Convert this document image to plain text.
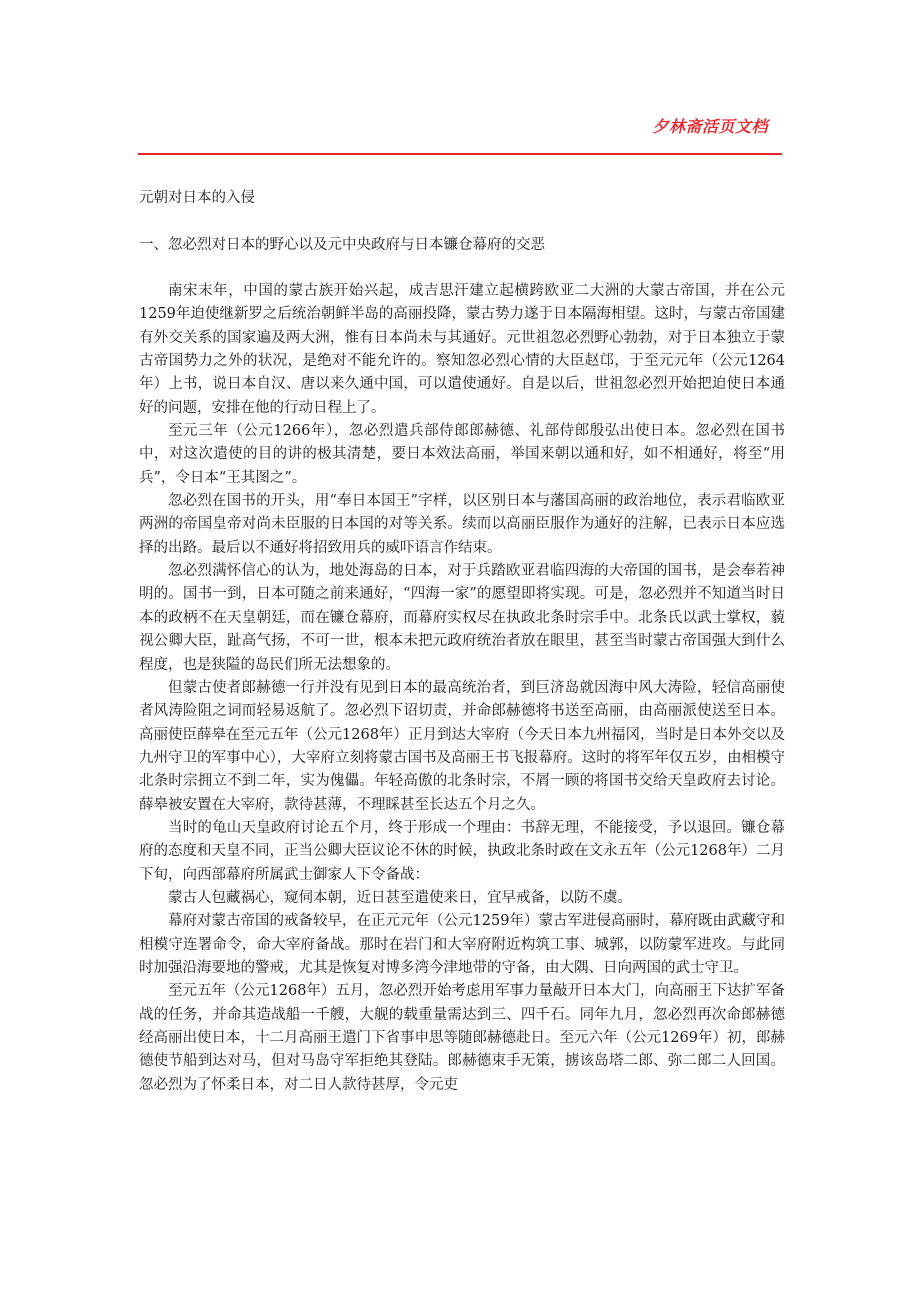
夕林斋活页文档
元朝对日本的入侵
一、忽必烈对日本的野心以及元中央政府与日本镰仓幕府的交恶

南宋末年，中国的蒙古族开始兴起，成吉思汗建立起横跨欧亚二大洲的大蒙古帝国，并在公元1259年迫使继新罗之后统治朝鲜半岛的高丽投降，蒙古势力遂于日本隔海相望。这时，与蒙古帝国建有外交关系的国家遍及两大洲，惟有日本尚未与其通好。元世祖忽必烈野心勃勃，对于日本独立于蒙古帝国势力之外的状况，是绝对不能允许的。察知忽必烈心情的大臣赵邙，于至元元年（公元1264年）上书，说日本自汉、唐以来久通中国，可以遣使通好。自是以后，世祖忽必烈开始把迫使日本通好的问题，安排在他的行动日程上了。

至元三年（公元1266年），忽必烈遣兵部侍郎郎赫德、礼部侍郎殷弘出使日本。忽必烈在国书中，对这次遣使的目的讲的极其清楚，要日本效法高丽，举国来朝以通和好，如不相通好，将至“用兵”，令日本“王其图之”。

忽必烈在国书的开头，用“奉日本国王”字样，以区别日本与藩国高丽的政治地位，表示君临欧亚两洲的帝国皇帝对尚未臣服的日本国的对等关系。续而以高丽臣服作为通好的注解，已表示日本应选择的出路。最后以不通好将招致用兵的威吓语言作结束。

忽必烈满怀信心的认为，地处海岛的日本，对于兵踏欧亚君临四海的大帝国的国书，是会奉若神明的。国书一到，日本可随之前来通好，“四海一家”的愿望即将实现。可是，忽必烈并不知道当时日本的政柄不在天皇朝廷，而在镰仓幕府，而幕府实权尽在执政北条时宗手中。北条氏以武士掌权，藐视公卿大臣，趾高气扬，不可一世，根本未把元政府统治者放在眼里，甚至当时蒙古帝国强大到什么程度，也是狭隘的岛民们所无法想象的。

但蒙古使者郎赫德一行并没有见到日本的最高统治者，到巨济岛就因海中风大涛险，轻信高丽使者风涛险阻之词而轻易返航了。忽必烈下诏切责，并命郎赫德将书送至高丽，由高丽派使送至日本。高丽使臣薛皋在至元五年（公元1268年）正月到达大宰府（今天日本九州福冈，当时是日本外交以及九州守卫的军事中心），大宰府立刻将蒙古国书及高丽王书飞报幕府。这时的将军年仅五岁，由相模守北条时宗拥立不到二年，实为傀儡。年轻高傲的北条时宗，不屑一顾的将国书交给天皇政府去讨论。薛皋被安置在大宰府，款待甚薄，不理睬甚至长达五个月之久。

当时的龟山天皇政府讨论五个月，终于形成一个理由：书辞无理，不能接受，予以退回。镰仓幕府的态度和天皇不同，正当公卿大臣议论不休的时候，执政北条时政在文永五年（公元1268年）二月下旬，向西部幕府所属武士御家人下令备战：

蒙古人包藏祸心，窥伺本朝，近日甚至遣使来日，宜早戒备，以防不虞。

幕府对蒙古帝国的戒备较早，在正元元年（公元1259年）蒙古军进侵高丽时，幕府既由武藏守和相模守连署命令，命大宰府备战。那时在岩门和大宰府附近构筑工事、城郭，以防蒙军进攻。与此同时加强沿海要地的警戒，尤其是恢复对博多湾今津地带的守备，由大隅、日向两国的武士守卫。

至元五年（公元1268年）五月，忽必烈开始考虑用军事力量敲开日本大门，向高丽王下达扩军备战的任务，并命其造战船一千艘，大舰的载重量需达到三、四千石。同年九月，忽必烈再次命郎赫德经高丽出使日本，十二月高丽王遣门下省事申思等随郎赫德赴日。至元六年（公元1269年）初，郎赫德使节船到达对马，但对马岛守军拒绝其登陆。郎赫德束手无策，掳该岛塔二郎、弥二郎二人回国。忽必烈为了怀柔日本，对二日人款待甚厚，令元吏
